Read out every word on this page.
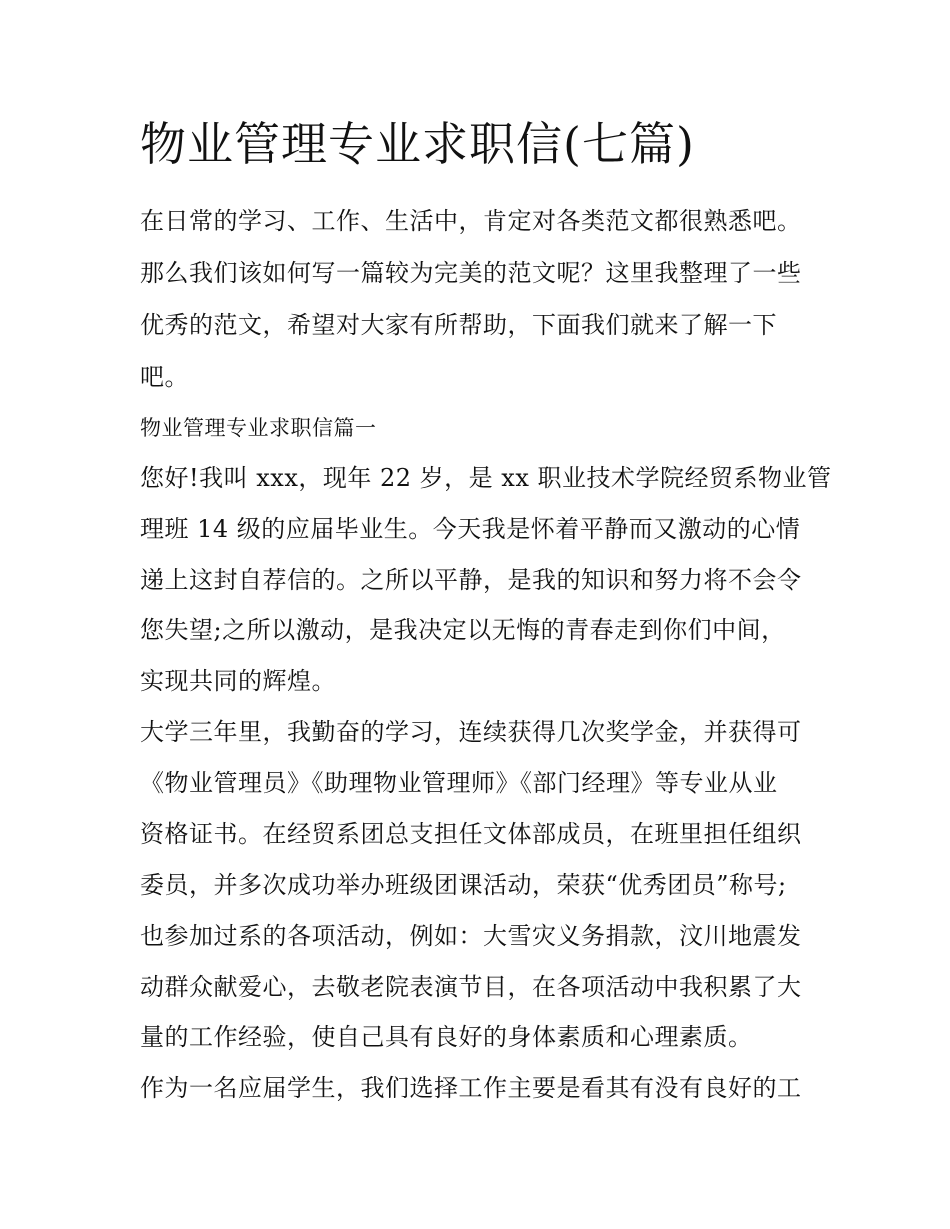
物业管理专业求职信(七篇)
在日常的学习、工作、生活中，肯定对各类范文都很熟悉吧。
那么我们该如何写一篇较为完美的范文呢？这里我整理了一些
优秀的范文，希望对大家有所帮助，下面我们就来了解一下
吧。
物业管理专业求职信篇一
您好!我叫 xxx，现年 22 岁，是 xx 职业技术学院经贸系物业管
理班 14 级的应届毕业生。今天我是怀着平静而又激动的心情
递上这封自荐信的。之所以平静，是我的知识和努力将不会令
您失望;之所以激动，是我决定以无悔的青春走到你们中间，
实现共同的辉煌。
大学三年里，我勤奋的学习，连续获得几次奖学金，并获得可
《物业管理员》《助理物业管理师》《部门经理》等专业从业
资格证书。在经贸系团总支担任文体部成员，在班里担任组织
委员，并多次成功举办班级团课活动，荣获“优秀团员”称号;
也参加过系的各项活动，例如：大雪灾义务捐款，汶川地震发
动群众献爱心，去敬老院表演节目，在各项活动中我积累了大
量的工作经验，使自己具有良好的身体素质和心理素质。
作为一名应届学生，我们选择工作主要是看其有没有良好的工
